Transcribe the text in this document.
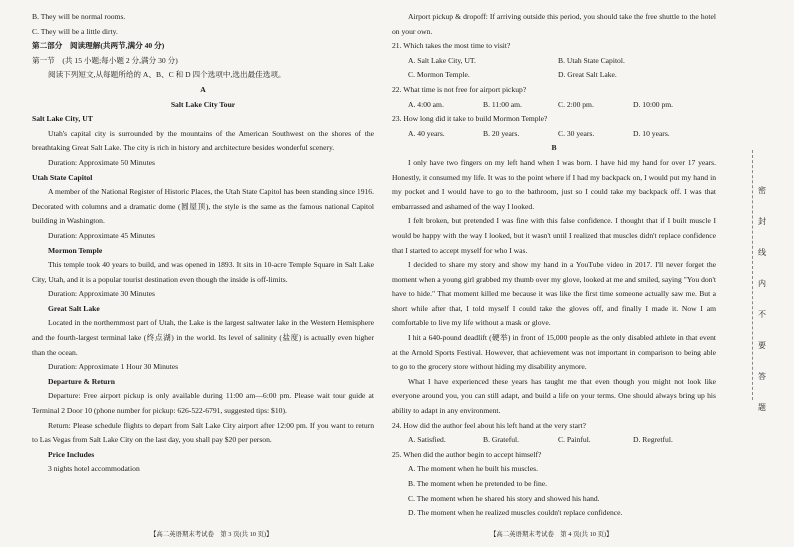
B. They will be normal rooms.

C. They will be a little dirty.

第二部分　阅读理解(共两节,满分 40 分)

第一节　(共 15 小题;每小题 2 分,满分 30 分)

阅读下列短文,从每题所给的 A、B、C 和 D 四个选项中,选出最佳选项。

A

Salt Lake City Tour

Salt Lake City, UT

Utah's capital city is surrounded by the mountains of the American Southwest on the shores of the breathtaking Great Salt Lake. The city is rich in history and architecture besides wonderful scenery.

Duration: Approximate 50 Minutes

Utah State Capitol

A member of the National Register of Historic Places, the Utah State Capitol has been standing since 1916. Decorated with columns and a dramatic dome (圆屋顶), the style is the same as the famous national Capitol building in Washington.

Duration: Approximate 45 Minutes

Mormon Temple

This temple took 40 years to build, and was opened in 1893. It sits in 10-acre Temple Square in Salt Lake City, Utah, and it is a popular tourist destination even though the inside is off-limits.

Duration: Approximate 30 Minutes

Great Salt Lake

Located in the northernmost part of Utah, the Lake is the largest saltwater lake in the Western Hemisphere and the fourth-largest terminal lake (终点湖) in the world. Its level of salinity (盐度) is actually even higher than the ocean.

Duration: Approximate 1 Hour 30 Minutes

Departure & Return

Departure: Free airport pickup is only available during 11:00 am—6:00 pm. Please wait tour guide at Terminal 2 Door 10 (phone number for pickup: 626-522-6791, suggested tips: $10).

Return: Please schedule flights to depart from Salt Lake City airport after 12:00 pm. If you want to return to Las Vegas from Salt Lake City on the last day, you shall pay $20 per person.

Price Includes

3 nights hotel accommodation

【高二英语期末考试卷　第 3 页(共 10 页)】

Airport pickup & dropoff: If arriving outside this period, you should take the free shuttle to the hotel on your own.

21. Which takes the most time to visit?

A. Salt Lake City, UT.	B. Utah State Capitol.
C. Mormon Temple.	D. Great Salt Lake.

22. What time is not free for airport pickup?

A. 4:00 am.	B. 11:00 am.	C. 2:00 pm.	D. 10:00 pm.

23. How long did it take to build Mormon Temple?

A. 40 years.	B. 20 years.	C. 30 years.	D. 10 years.

B

I only have two fingers on my left hand when I was born. I have hid my hand for over 17 years. Honestly, it consumed my life. It was to the point where if I had my backpack on, I would put my hand in my pocket and I would have to go to the bathroom, just so I could take my backpack off. I was that embarrassed and ashamed of the way I looked.

I felt broken, but pretended I was fine with this false confidence. I thought that if I built muscle I would be happy with the way I looked, but it wasn't until I realized that muscles didn't replace confidence that I started to accept myself for who I was.

I decided to share my story and show my hand in a YouTube video in 2017. I'll never forget the moment when a young girl grabbed my thumb over my glove, looked at me and smiled, saying "You don't have to hide." That moment killed me because it was like the first time someone actually saw me. But a short while after that, I told myself I could take the gloves off, and finally I made it. Now I am comfortable to live my life without a mask or glove.

I hit a 640-pound deadlift (硬举) in front of 15,000 people as the only disabled athlete in that event at the Arnold Sports Festival. However, that achievement was not important in comparison to being able to go to the grocery store without hiding my disability anymore.

What I have experienced these years has taught me that even though you might not look like everyone around you, you can still adapt, and build a life on your terms. One should always bring up his ability to adapt in any environment.

24. How did the author feel about his left hand at the very start?

A. Satisfied.	B. Grateful.	C. Painful.	D. Regretful.

25. When did the author begin to accept himself?

A. The moment when he built his muscles.

B. The moment when he pretended to be fine.

C. The moment when he shared his story and showed his hand.

D. The moment when he realized muscles couldn't replace confidence.

【高二英语期末考试卷　第 4 页(共 10 页)】
密
封
线
内
不
要
答
题
